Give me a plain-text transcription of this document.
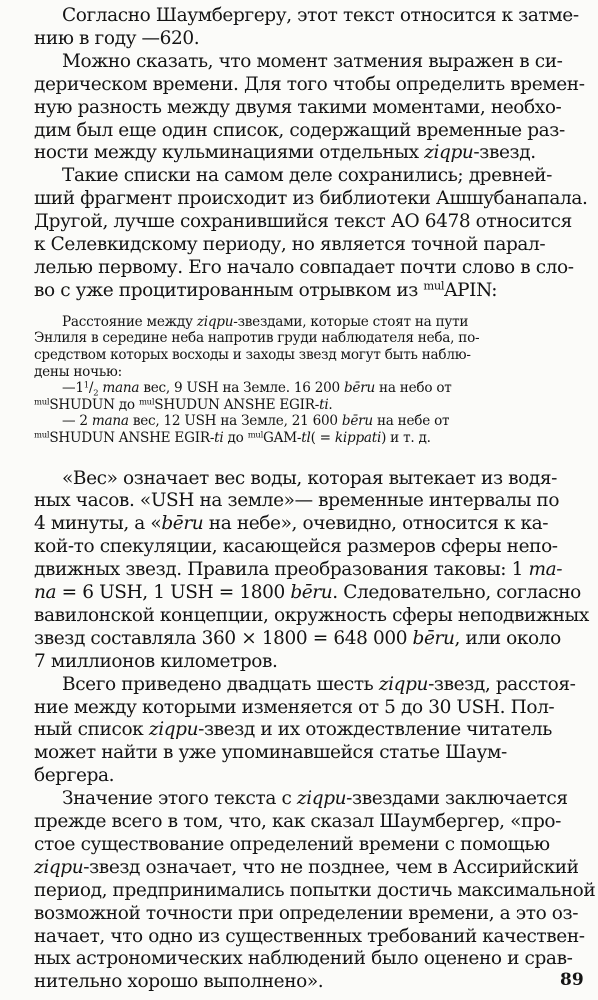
Согласно Шаумбергеру, этот текст относится к затме-

нию в году —620.

Можно сказать, что момент затмения выражен в си-

дерическом времени. Для того чтобы определить времен-

ную разность между двумя такими моментами, необхо-

дим был еще один список, содержащий временные раз-

ности между кульминациями отдельных ziqpu-звезд.

Такие списки на самом деле сохранились; древней-

ший фрагмент происходит из библиотеки Ашшубанапала.

Другой, лучше сохранившийся текст АО 6478 относится

к Селевкидскому периоду, но является точной парал-

лелью первому. Его начало совпадает почти слово в сло-

во с уже процитированным отрывком из $^{mul}$APIN:

Расстояние между ziqpu-звездами, которые стоят на пути

Энлиля в середине неба напротив груди наблюдателя неба, по-

средством которых восходы и заходы звезд могут быть наблю-

дены ночью:

$—1^1/_2$ mana вес, 9 USH на Земле. 16 200 bēru на небо от

$^{mul}$SHUDUN до $^{mul}$SHUDUN ANSHE EGIR-ti.

— 2 mana вес, 12 USH на Земле, 21 600 bēru на небе от

$^{mul}$SHUDUN ANSHE EGIR-ti до $^{mul}$GAM-tl( = kippati) и т. д.

«Вес» означает вес воды, которая вытекает из водя-

ных часов. «USH на земле»— временные интервалы по

4 минуты, а «bēru на небе», очевидно, относится к ка-

кой-то спекуляции, касающейся размеров сферы непо-

движных звезд. Правила преобразования таковы: 1 ma-

na = 6 USH, 1 USH = 1800 bēru. Следовательно, согласно

вавилонской концепции, окружность сферы неподвижных

звезд составляла 360 × 1800 = 648 000 bēru, или около

7 миллионов километров.

Всего приведено двадцать шесть ziqpu-звезд, расстоя-

ние между которыми изменяется от 5 до 30 USH. Пол-

ный список ziqpu-звезд и их отождествление читатель

может найти в уже упоминавшейся статье Шаум-

бергера.

Значение этого текста с ziqpu-звездами заключается

прежде всего в том, что, как сказал Шаумбергер, «про-

стое существование определений времени с помощью

ziqpu-звезд означает, что не позднее, чем в Ассирийский

период, предпринимались попытки достичь максимальной

возможной точности при определении времени, а это оз-

начает, что одно из существенных требований качествен-

ных астрономических наблюдений было оценено и срав-

нительно хорошо выполнено».	89
